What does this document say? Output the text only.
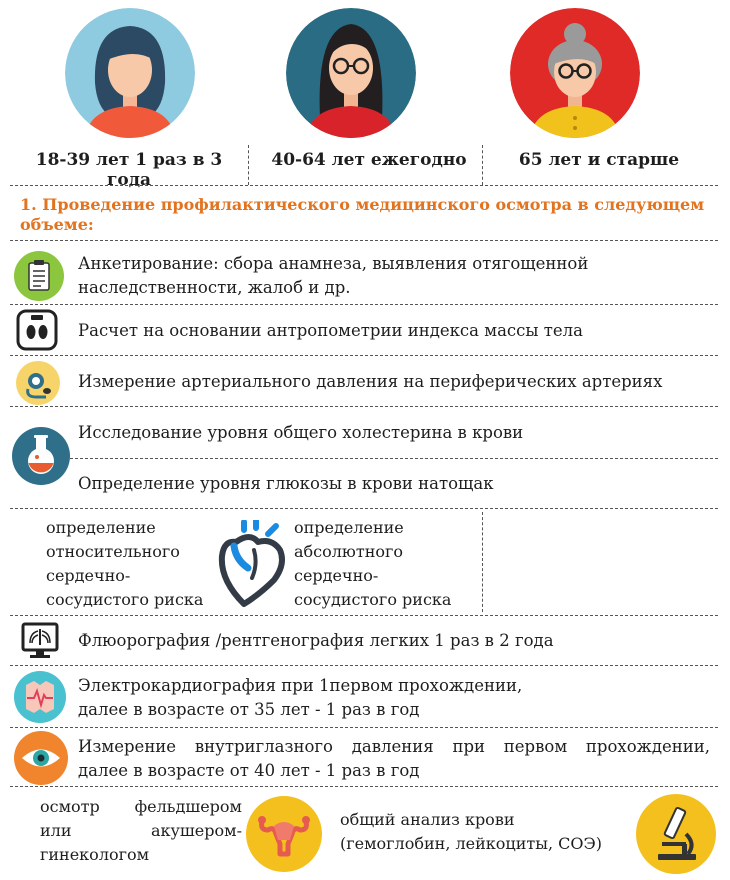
18-39 лет 1 раз в 3 года
40-64 лет ежегодно	65 лет и старше
1. Проведение профилактического медицинского осмотра в следующем объеме:
Анкетирование: сбора анамнеза, выявления отягощенной
наследственности, жалоб и др.
Расчет на основании антропометрии индекса массы тела
Измерение артериального давления на периферических артериях
Исследование уровня общего холестерина в крови
Определение уровня глюкозы в крови натощак
определение
относительного
сердечно-
сосудистого риска
определение
абсолютного
сердечно-
сосудистого риска
Флюорография /рентгенография легких 1 раз в 2 года
Электрокардиография при 1первом прохождении,
далее в возрасте от 35 лет - 1 раз в год
Измерение внутриглазного давления при первом прохождении,
далее в возрасте от 40 лет - 1 раз в год
осмотр фельдшером
или акушером-
гинекологом
общий анализ крови
(гемоглобин, лейкоциты, СОЭ)
